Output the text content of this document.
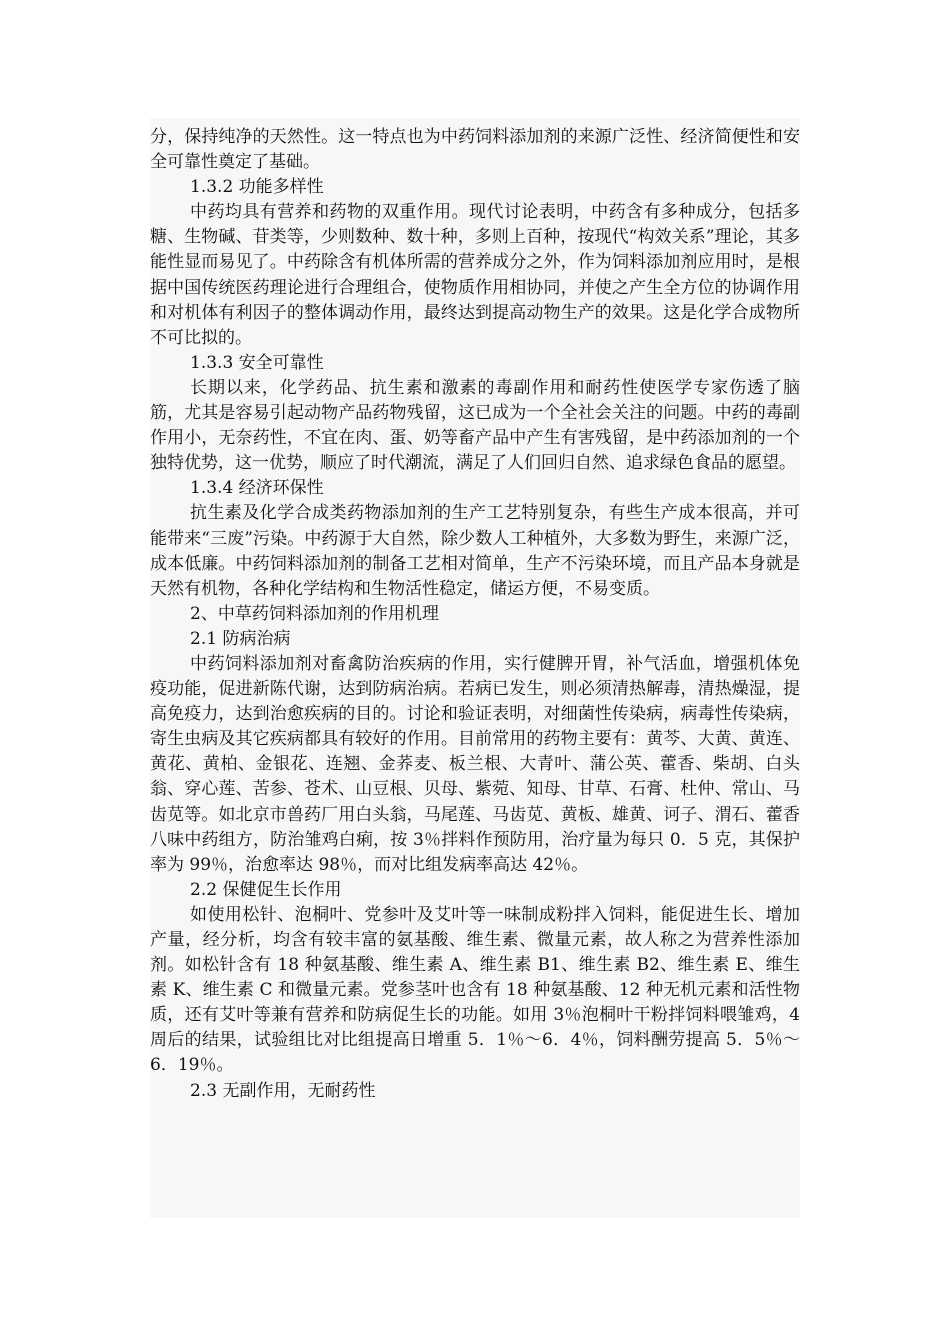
分，保持纯净的天然性。这一特点也为中药饲料添加剂的来源广泛性、经济简便性和安全可靠性奠定了基础。

1.3.2 功能多样性

中药均具有营养和药物的双重作用。现代讨论表明，中药含有多种成分，包括多糖、生物碱、苷类等，少则数种、数十种，多则上百种，按现代“构效关系”理论，其多能性显而易见了。中药除含有机体所需的营养成分之外，作为饲料添加剂应用时，是根据中国传统医药理论进行合理组合，使物质作用相协同，并使之产生全方位的协调作用和对机体有利因子的整体调动作用，最终达到提高动物生产的效果。这是化学合成物所不可比拟的。

1.3.3 安全可靠性

长期以来，化学药品、抗生素和激素的毒副作用和耐药性使医学专家伤透了脑筋，尤其是容易引起动物产品药物残留，这已成为一个全社会关注的问题。中药的毒副作用小，无奈药性，不宜在肉、蛋、奶等畜产品中产生有害残留，是中药添加剂的一个独特优势，这一优势，顺应了时代潮流，满足了人们回归自然、追求绿色食品的愿望。

1.3.4 经济环保性

抗生素及化学合成类药物添加剂的生产工艺特别复杂，有些生产成本很高，并可能带来“三废”污染。中药源于大自然，除少数人工种植外，大多数为野生，来源广泛，成本低廉。中药饲料添加剂的制备工艺相对简单，生产不污染环境，而且产品本身就是天然有机物，各种化学结构和生物活性稳定，储运方便，不易变质。

2、中草药饲料添加剂的作用机理

2.1 防病治病

中药饲料添加剂对畜禽防治疾病的作用，实行健脾开胃，补气活血，增强机体免疫功能，促进新陈代谢，达到防病治病。若病已发生，则必须清热解毒，清热燥湿，提高免疫力，达到治愈疾病的目的。讨论和验证表明，对细菌性传染病，病毒性传染病，寄生虫病及其它疾病都具有较好的作用。目前常用的药物主要有：黄芩、大黄、黄连、黄花、黄柏、金银花、连翘、金荞麦、板兰根、大青叶、蒲公英、藿香、柴胡、白头翁、穿心莲、苦参、苍术、山豆根、贝母、紫菀、知母、甘草、石膏、杜仲、常山、马齿苋等。如北京市兽药厂用白头翁，马尾莲、马齿苋、黄板、雄黄、诃子、渭石、藿香八味中药组方，防治雏鸡白痢，按 3％拌料作预防用，治疗量为每只 0．5 克，其保护率为 99％，治愈率达 98％，而对比组发病率高达 42％。

2.2 保健促生长作用

如使用松针、泡桐叶、党参叶及艾叶等一味制成粉拌入饲料，能促进生长、增加产量，经分析，均含有较丰富的氨基酸、维生素、微量元素，故人称之为营养性添加剂。如松针含有 18 种氨基酸、维生素 A、维生素 B1、维生素 B2、维生素 E、维生素 K、维生素 C 和微量元素。党参茎叶也含有 18 种氨基酸、12 种无机元素和活性物质，还有艾叶等兼有营养和防病促生长的功能。如用 3％泡桐叶干粉拌饲料喂雏鸡，4 周后的结果，试验组比对比组提高日增重 5．1％～6．4％，饲料酬劳提高 5．5％～6．19％。

2.3 无副作用，无耐药性
